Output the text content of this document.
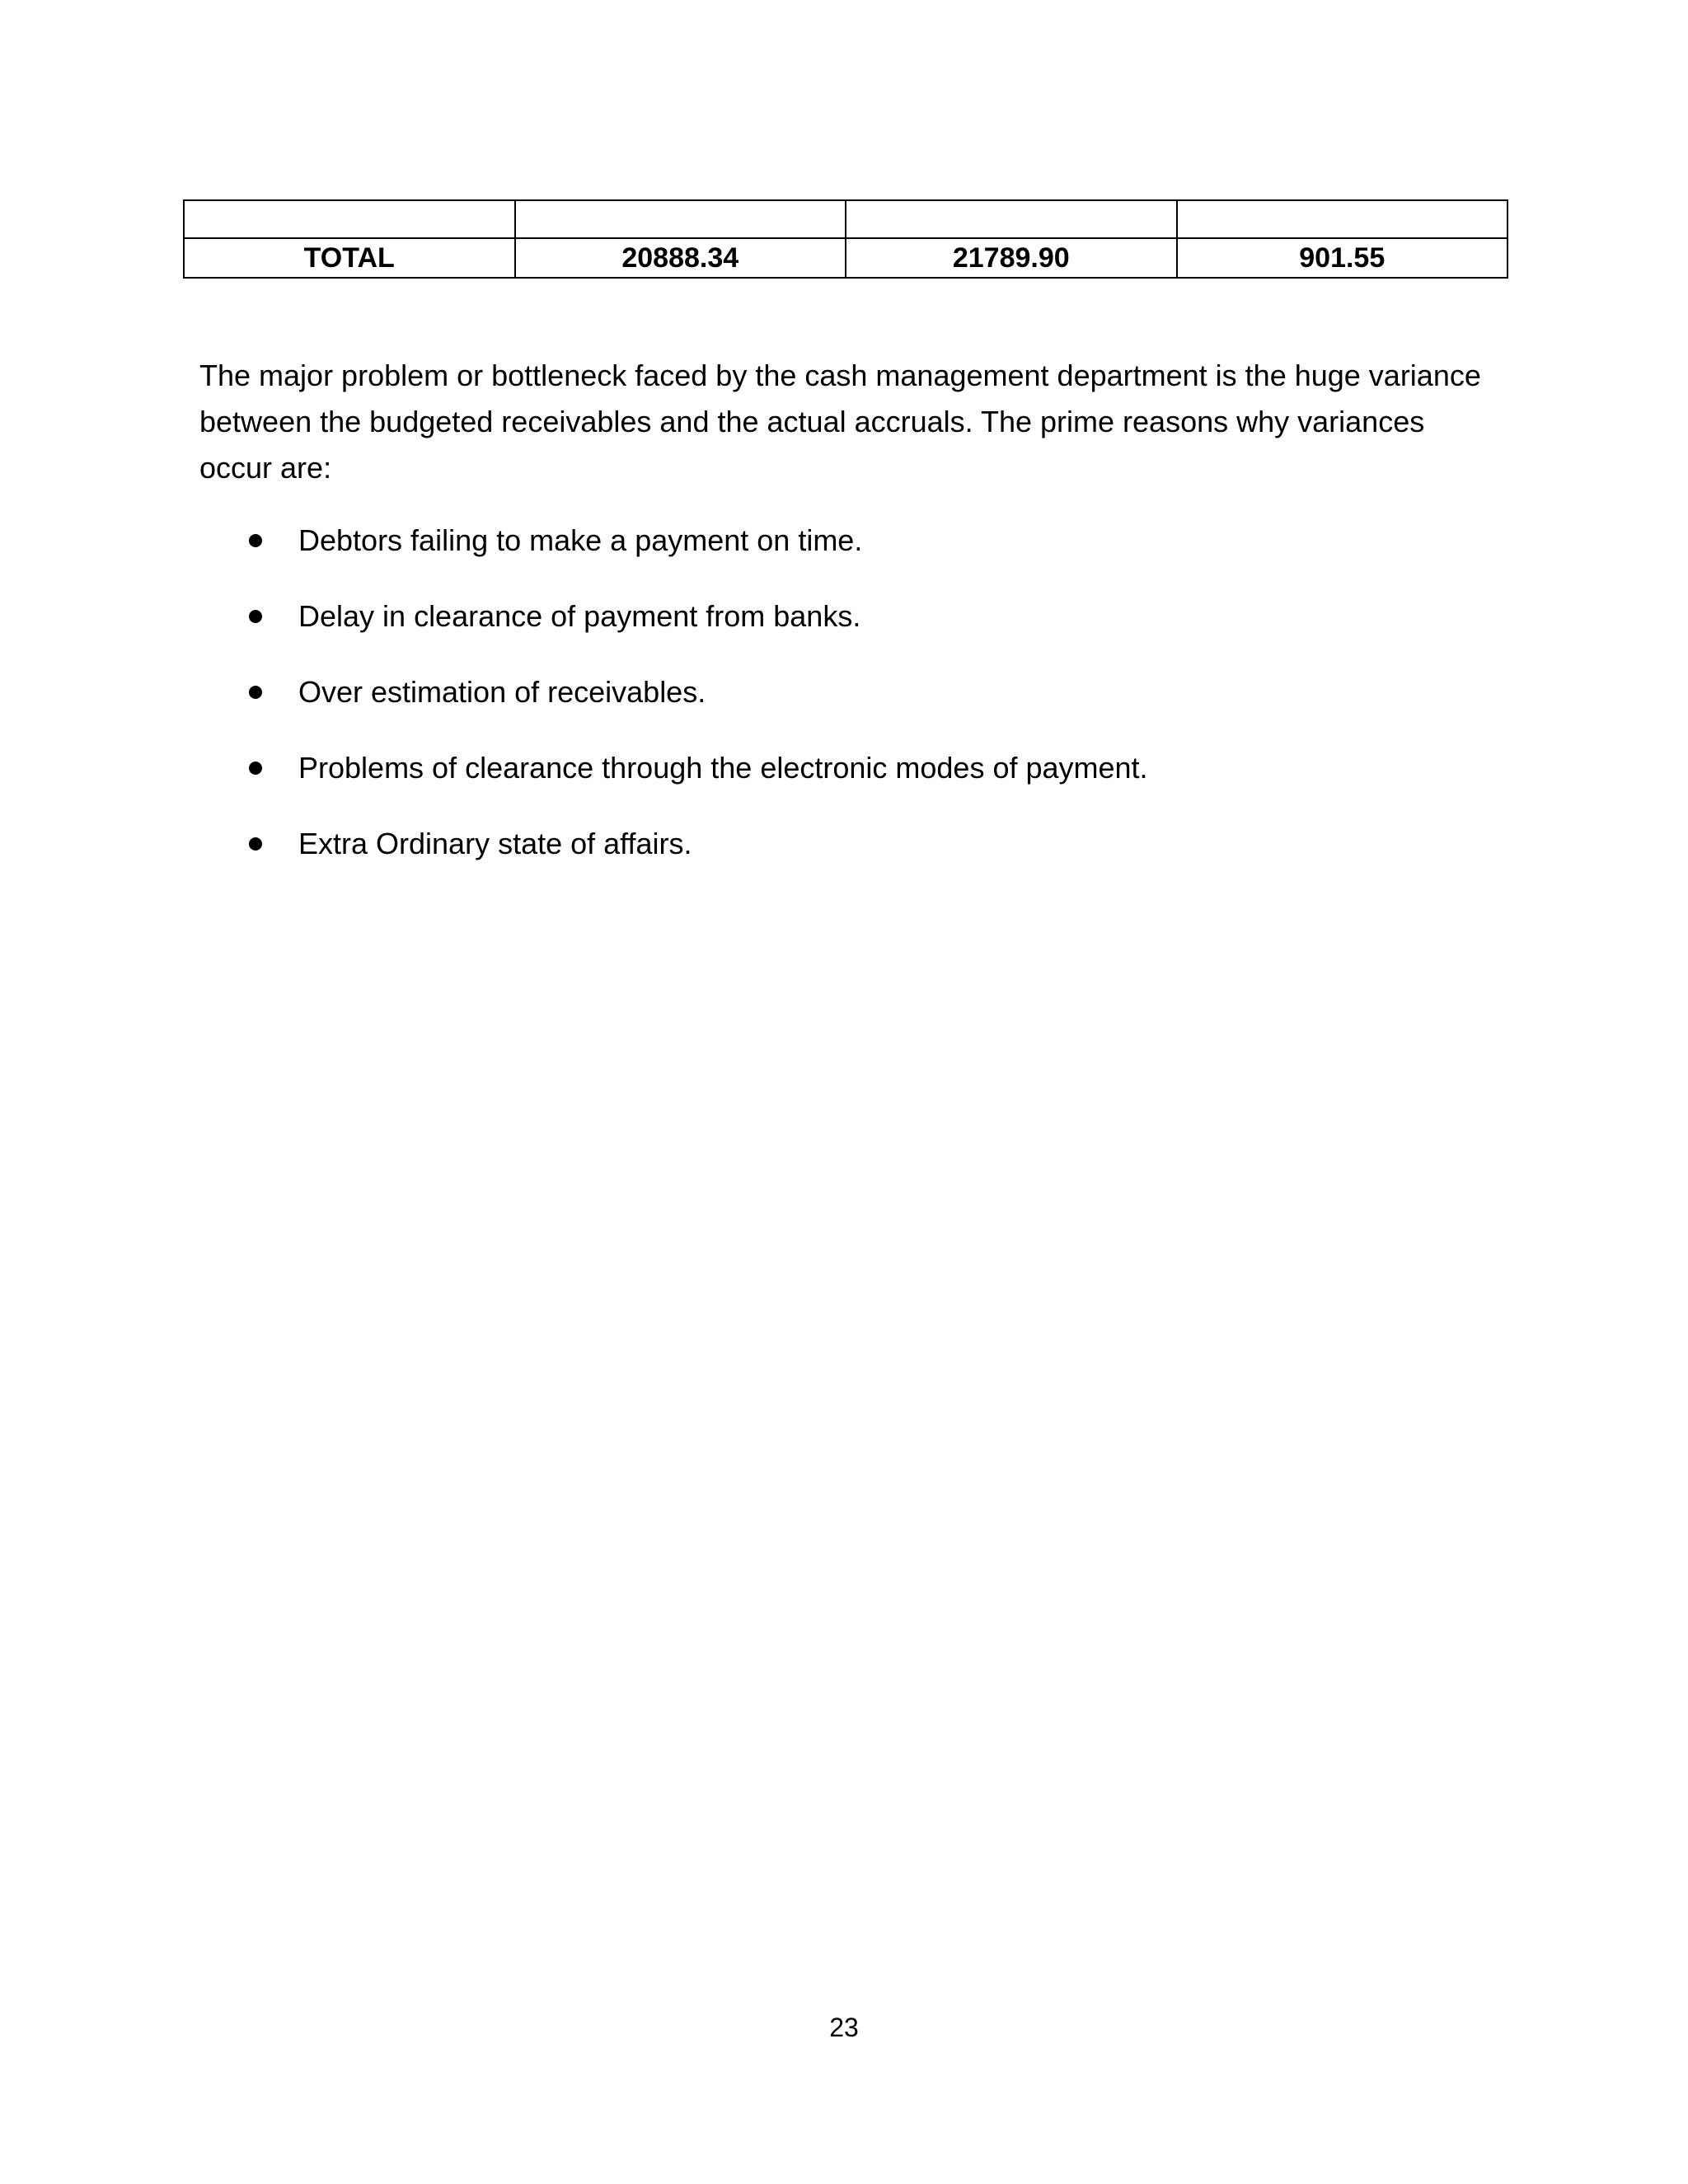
TOTAL	20888.34	21789.90	901.55

The major problem or bottleneck faced by the cash management department is the huge variance between the budgeted receivables and the actual accruals. The prime reasons why variances occur are:

Debtors failing to make a payment on time.
Delay in clearance of payment from banks.
Over estimation of receivables.
Problems of clearance through the electronic modes of payment.
Extra Ordinary state of affairs.
23
